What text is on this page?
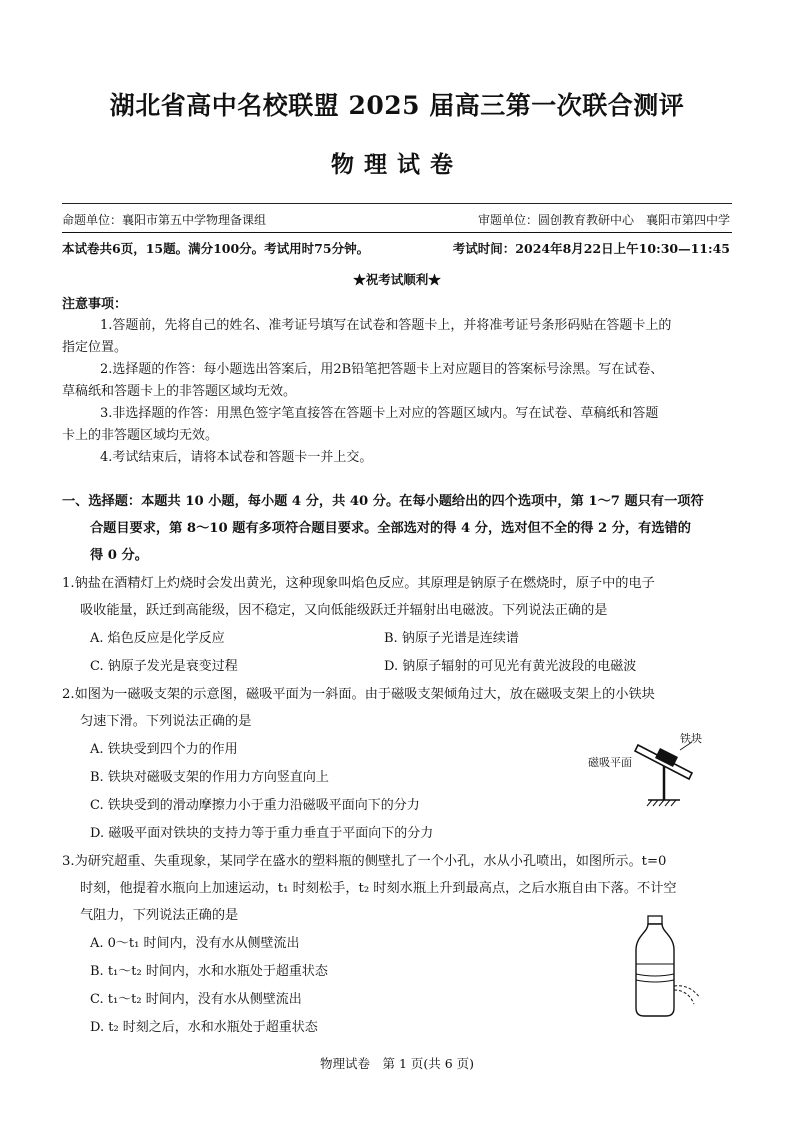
湖北省高中名校联盟 2025 届高三第一次联合测评
物理试卷
命题单位：襄阳市第五中学物理备课组	审题单位：圆创教育教研中心　襄阳市第四中学
本试卷共6页，15题。满分100分。考试用时75分钟。	考试时间：2024年8月22日上午10:30—11:45
★祝考试顺利★
注意事项：
1.答题前，先将自己的姓名、准考证号填写在试卷和答题卡上，并将准考证号条形码贴在答题卡上的
指定位置。
2.选择题的作答：每小题选出答案后，用2B铅笔把答题卡上对应题目的答案标号涂黑。写在试卷、
草稿纸和答题卡上的非答题区域均无效。
3.非选择题的作答：用黑色签字笔直接答在答题卡上对应的答题区域内。写在试卷、草稿纸和答题
卡上的非答题区域均无效。
4.考试结束后，请将本试卷和答题卡一并上交。
一、选择题：本题共 10 小题，每小题 4 分，共 40 分。在每小题给出的四个选项中，第 1～7 题只有一项符
合题目要求，第 8～10 题有多项符合题目要求。全部选对的得 4 分，选对但不全的得 2 分，有选错的
得 0 分。
1.钠盐在酒精灯上灼烧时会发出黄光，这种现象叫焰色反应。其原理是钠原子在燃烧时，原子中的电子
吸收能量，跃迁到高能级，因不稳定，又向低能级跃迁并辐射出电磁波。下列说法正确的是
A. 焰色反应是化学反应	B. 钠原子光谱是连续谱
C. 钠原子发光是衰变过程	D. 钠原子辐射的可见光有黄光波段的电磁波
2.如图为一磁吸支架的示意图，磁吸平面为一斜面。由于磁吸支架倾角过大，放在磁吸支架上的小铁块
匀速下滑。下列说法正确的是
A. 铁块受到四个力的作用
B. 铁块对磁吸支架的作用力方向竖直向上
C. 铁块受到的滑动摩擦力小于重力沿磁吸平面向下的分力
D. 磁吸平面对铁块的支持力等于重力垂直于平面向下的分力
铁块
磁吸平面
3.为研究超重、失重现象，某同学在盛水的塑料瓶的侧壁扎了一个小孔，水从小孔喷出，如图所示。t=0
时刻，他提着水瓶向上加速运动，t₁ 时刻松手，t₂ 时刻水瓶上升到最高点，之后水瓶自由下落。不计空
气阻力，下列说法正确的是
A. 0～t₁ 时间内，没有水从侧壁流出
B. t₁～t₂ 时间内，水和水瓶处于超重状态
C. t₁～t₂ 时间内，没有水从侧壁流出
D. t₂ 时刻之后，水和水瓶处于超重状态
物理试卷　第 1 页(共 6 页)
